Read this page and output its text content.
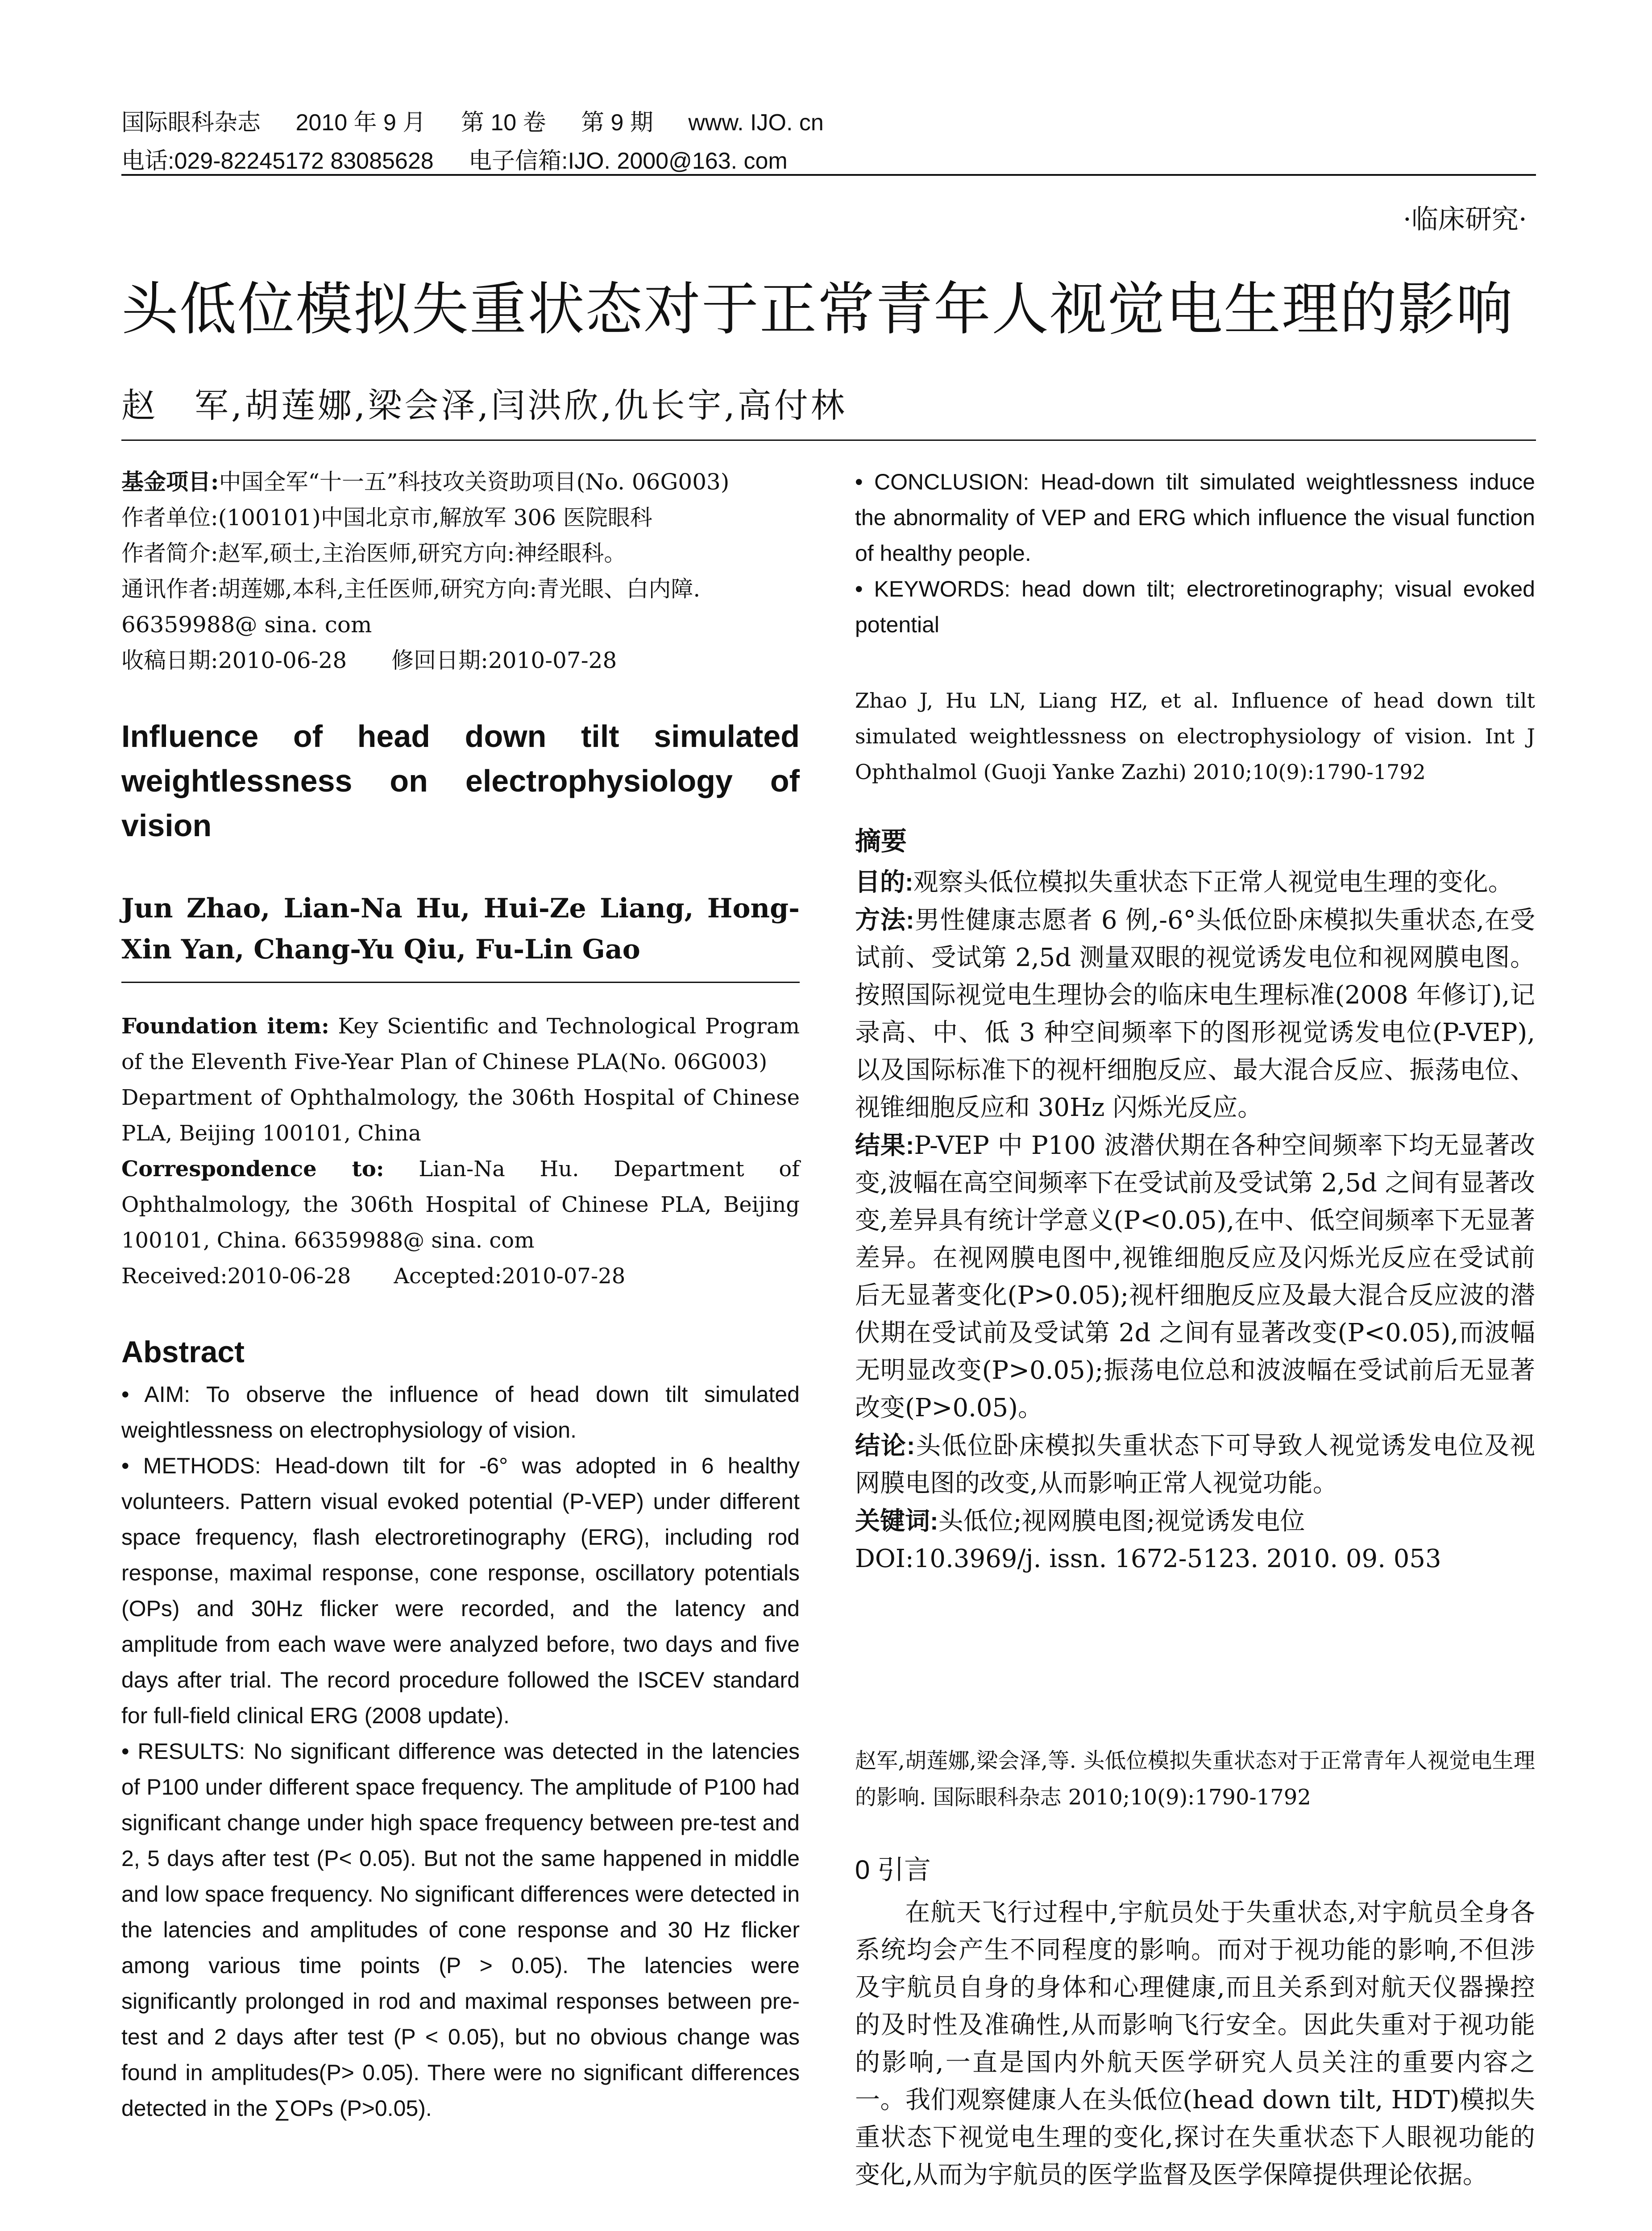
国际眼科杂志 2010 年 9 月 第 10 卷 第 9 期 www. IJO. cn
电话:029-82245172 83085628 电子信箱:IJO. 2000@163. com
·临床研究·
头低位模拟失重状态对于正常青年人视觉电生理的影响
赵　军,胡莲娜,梁会泽,闫洪欣,仇长宇,高付林

基金项目:中国全军“十一五”科技攻关资助项目(No. 06G003)

作者单位:(100101)中国北京市,解放军 306 医院眼科

作者简介:赵军,硕士,主治医师,研究方向:神经眼科。

通讯作者:胡莲娜,本科,主任医师,研究方向:青光眼、白内障. 66359988@ sina. com

收稿日期:2010-06-28　　修回日期:2010-07-28

Influence of head down tilt simulated weightlessness on electrophysiology of vision
Jun Zhao, Lian-Na Hu, Hui-Ze Liang, Hong-Xin Yan, Chang-Yu Qiu, Fu-Lin Gao

Foundation item: Key Scientific and Technological Program of the Eleventh Five-Year Plan of Chinese PLA(No. 06G003)

Department of Ophthalmology, the 306th Hospital of Chinese PLA, Beijing 100101, China

Correspondence to: Lian-Na Hu. Department of Ophthalmology, the 306th Hospital of Chinese PLA, Beijing 100101, China. 66359988@ sina. com

Received:2010-06-28　　Accepted:2010-07-28

Abstract

• AIM: To observe the influence of head down tilt simulated weightlessness on electrophysiology of vision.

• METHODS: Head-down tilt for -6° was adopted in 6 healthy volunteers. Pattern visual evoked potential (P-VEP) under different space frequency, flash electroretinography (ERG), including rod response, maximal response, cone response, oscillatory potentials (OPs) and 30Hz flicker were recorded, and the latency and amplitude from each wave were analyzed before, two days and five days after trial. The record procedure followed the ISCEV standard for full-field clinical ERG (2008 update).

• RESULTS: No significant difference was detected in the latencies of P100 under different space frequency. The amplitude of P100 had significant change under high space frequency between pre-test and 2, 5 days after test (P< 0.05). But not the same happened in middle and low space frequency. No significant differences were detected in the latencies and amplitudes of cone response and 30 Hz flicker among various time points (P > 0.05). The latencies were significantly prolonged in rod and maximal responses between pre-test and 2 days after test (P < 0.05), but no obvious change was found in amplitudes(P> 0.05). There were no significant differences detected in the ∑OPs (P>0.05).

• CONCLUSION: Head-down tilt simulated weightlessness induce the abnormality of VEP and ERG which influence the visual function of healthy people.

• KEYWORDS: head down tilt; electroretinography; visual evoked potential

Zhao J, Hu LN, Liang HZ, et al. Influence of head down tilt simulated weightlessness on electrophysiology of vision. Int J Ophthalmol (Guoji Yanke Zazhi) 2010;10(9):1790-1792
摘要

目的:观察头低位模拟失重状态下正常人视觉电生理的变化。

方法:男性健康志愿者 6 例,-6°头低位卧床模拟失重状态,在受试前、受试第 2,5d 测量双眼的视觉诱发电位和视网膜电图。按照国际视觉电生理协会的临床电生理标准(2008 年修订),记录高、中、低 3 种空间频率下的图形视觉诱发电位(P-VEP),以及国际标准下的视杆细胞反应、最大混合反应、振荡电位、视锥细胞反应和 30Hz 闪烁光反应。

结果:P-VEP 中 P100 波潜伏期在各种空间频率下均无显著改变,波幅在高空间频率下在受试前及受试第 2,5d 之间有显著改变,差异具有统计学意义(P<0.05),在中、低空间频率下无显著差异。在视网膜电图中,视锥细胞反应及闪烁光反应在受试前后无显著变化(P>0.05);视杆细胞反应及最大混合反应波的潜伏期在受试前及受试第 2d 之间有显著改变(P<0.05),而波幅无明显改变(P>0.05);振荡电位总和波波幅在受试前后无显著改变(P>0.05)。

结论:头低位卧床模拟失重状态下可导致人视觉诱发电位及视网膜电图的改变,从而影响正常人视觉功能。

关键词:头低位;视网膜电图;视觉诱发电位

DOI:10.3969/j. issn. 1672-5123. 2010. 09. 053

赵军,胡莲娜,梁会泽,等. 头低位模拟失重状态对于正常青年人视觉电生理的影响. 国际眼科杂志 2010;10(9):1790-1792
0 引言
在航天飞行过程中,宇航员处于失重状态,对宇航员全身各系统均会产生不同程度的影响。而对于视功能的影响,不但涉及宇航员自身的身体和心理健康,而且关系到对航天仪器操控的及时性及准确性,从而影响飞行安全。因此失重对于视功能的影响,一直是国内外航天医学研究人员关注的重要内容之一。我们观察健康人在头低位(head down tilt, HDT)模拟失重状态下视觉电生理的变化,探讨在失重状态下人眼视功能的变化,从而为宇航员的医学监督及医学保障提供理论依据。
